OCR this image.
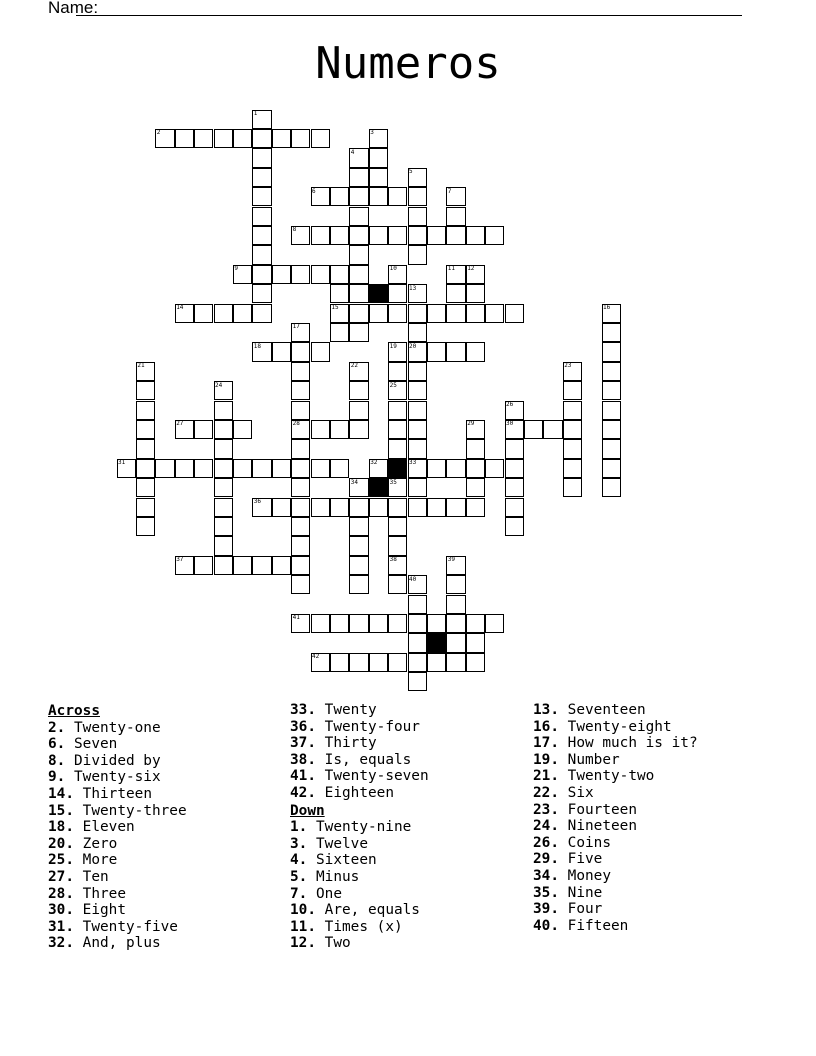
Name:
Numeros
1
2	3
4
5
6	7
8
9	10	11 12
13
14	15	16
17
18	19 20
21	22	23
24	25
26
27	28	29	30
31	32	33
34	35
36
37	38	39
40
41
42
Across
2. Twenty-one
6. Seven
8. Divided by
9. Twenty-six
14. Thirteen
15. Twenty-three
18. Eleven
20. Zero
25. More
27. Ten
28. Three
30. Eight
31. Twenty-five
32. And, plus
33. Twenty
36. Twenty-four
37. Thirty
38. Is, equals
41. Twenty-seven
42. Eighteen
Down
1. Twenty-nine
3. Twelve
4. Sixteen
5. Minus
7. One
10. Are, equals
11. Times (x)
12. Two
13. Seventeen
16. Twenty-eight
17. How much is it?
19. Number
21. Twenty-two
22. Six
23. Fourteen
24. Nineteen
26. Coins
29. Five
34. Money
35. Nine
39. Four
40. Fifteen
